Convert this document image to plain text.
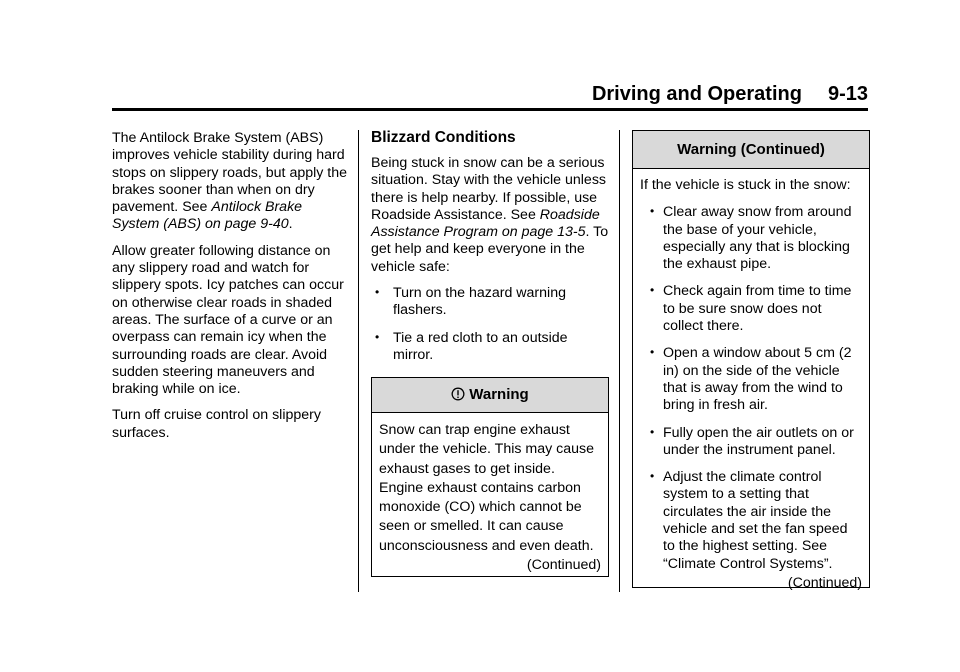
Driving and Operating 9-13

The Antilock Brake System (ABS) improves vehicle stability during hard stops on slippery roads, but apply the brakes sooner than when on dry pavement. See Antilock Brake System (ABS) on page 9-40.

Allow greater following distance on any slippery road and watch for slippery spots. Icy patches can occur on otherwise clear roads in shaded areas. The surface of a curve or an overpass can remain icy when the surrounding roads are clear. Avoid sudden steering maneuvers and braking while on ice.

Turn off cruise control on slippery surfaces.

Blizzard Conditions

Being stuck in snow can be a serious situation. Stay with the vehicle unless there is help nearby. If possible, use Roadside Assistance. See Roadside Assistance Program on page 13-5. To get help and keep everyone in the vehicle safe:

• Turn on the hazard warning flashers.
• Tie a red cloth to an outside mirror.
Warning
Snow can trap engine exhaust under the vehicle. This may cause exhaust gases to get inside. Engine exhaust contains carbon monoxide (CO) which cannot be seen or smelled. It can cause unconsciousness and even death.
(Continued)
Warning (Continued)
If the vehicle is stuck in the snow:
• Clear away snow from around the base of your vehicle, especially any that is blocking the exhaust pipe.
• Check again from time to time to be sure snow does not collect there.
• Open a window about 5 cm (2 in) on the side of the vehicle that is away from the wind to bring in fresh air.
• Fully open the air outlets on or under the instrument panel.
• Adjust the climate control system to a setting that circulates the air inside the vehicle and set the fan speed to the highest setting. See “Climate Control Systems”.
(Continued)
